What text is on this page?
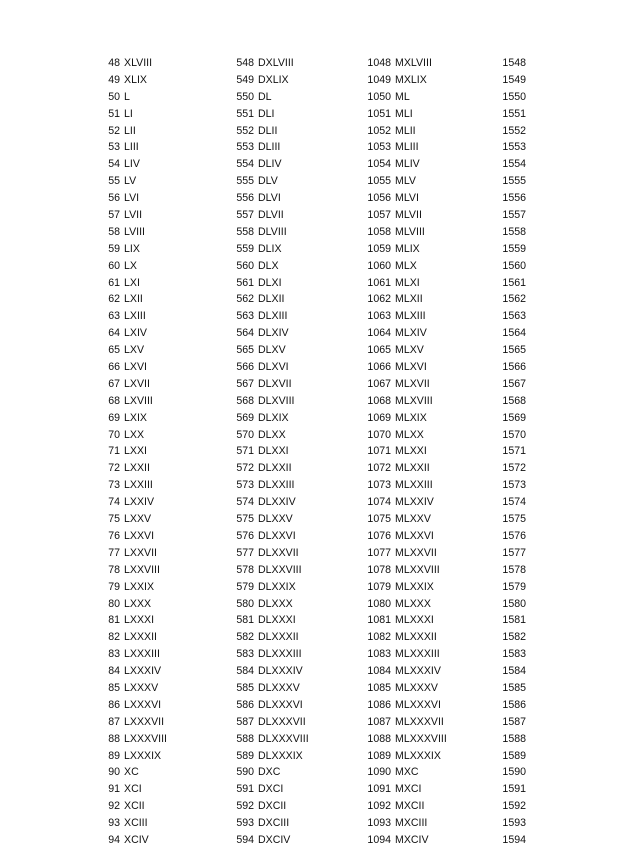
48 XLVIII	548 DXLVIII	1048 MXLVIII	1548
49 XLIX	549 DXLIX	1049 MXLIX	1549
50 L	550 DL	1050 ML	1550
51 LI	551 DLI	1051 MLI	1551
52 LII	552 DLII	1052 MLII	1552
53 LIII	553 DLIII	1053 MLIII	1553
54 LIV	554 DLIV	1054 MLIV	1554
55 LV	555 DLV	1055 MLV	1555
56 LVI	556 DLVI	1056 MLVI	1556
57 LVII	557 DLVII	1057 MLVII	1557
58 LVIII	558 DLVIII	1058 MLVIII	1558
59 LIX	559 DLIX	1059 MLIX	1559
60 LX	560 DLX	1060 MLX	1560
61 LXI	561 DLXI	1061 MLXI	1561
62 LXII	562 DLXII	1062 MLXII	1562
63 LXIII	563 DLXIII	1063 MLXIII	1563
64 LXIV	564 DLXIV	1064 MLXIV	1564
65 LXV	565 DLXV	1065 MLXV	1565
66 LXVI	566 DLXVI	1066 MLXVI	1566
67 LXVII	567 DLXVII	1067 MLXVII	1567
68 LXVIII	568 DLXVIII	1068 MLXVIII	1568
69 LXIX	569 DLXIX	1069 MLXIX	1569
70 LXX	570 DLXX	1070 MLXX	1570
71 LXXI	571 DLXXI	1071 MLXXI	1571
72 LXXII	572 DLXXII	1072 MLXXII	1572
73 LXXIII	573 DLXXIII	1073 MLXXIII	1573
74 LXXIV	574 DLXXIV	1074 MLXXIV	1574
75 LXXV	575 DLXXV	1075 MLXXV	1575
76 LXXVI	576 DLXXVI	1076 MLXXVI	1576
77 LXXVII	577 DLXXVII	1077 MLXXVII	1577
78 LXXVIII	578 DLXXVIII	1078 MLXXVIII	1578
79 LXXIX	579 DLXXIX	1079 MLXXIX	1579
80 LXXX	580 DLXXX	1080 MLXXX	1580
81 LXXXI	581 DLXXXI	1081 MLXXXI	1581
82 LXXXII	582 DLXXXII	1082 MLXXXII	1582
83 LXXXIII	583 DLXXXIII	1083 MLXXXIII	1583
84 LXXXIV	584 DLXXXIV	1084 MLXXXIV	1584
85 LXXXV	585 DLXXXV	1085 MLXXXV	1585
86 LXXXVI	586 DLXXXVI	1086 MLXXXVI	1586
87 LXXXVII	587 DLXXXVII	1087 MLXXXVII	1587
88 LXXXVIII	588 DLXXXVIII	1088 MLXXXVIII	1588
89 LXXXIX	589 DLXXXIX	1089 MLXXXIX	1589
90 XC	590 DXC	1090 MXC	1590
91 XCI	591 DXCI	1091 MXCI	1591
92 XCII	592 DXCII	1092 MXCII	1592
93 XCIII	593 DXCIII	1093 MXCIII	1593
94 XCIV	594 DXCIV	1094 MXCIV	1594
